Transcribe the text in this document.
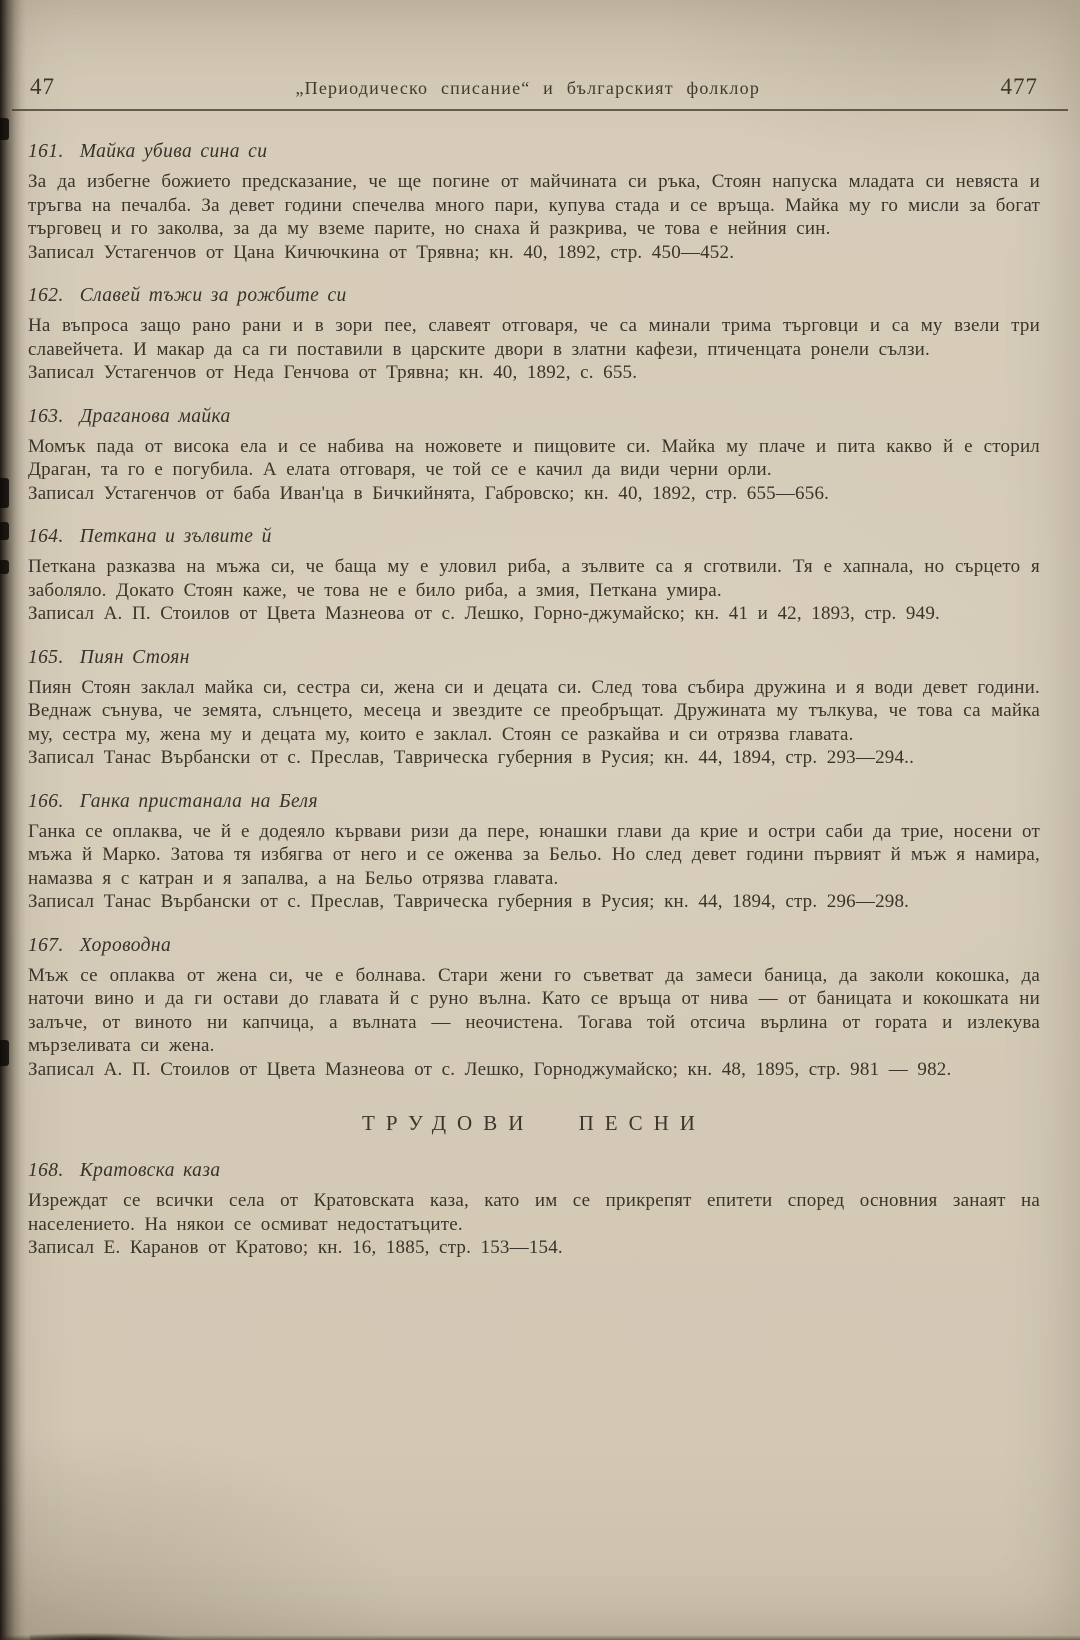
47	„Периодическо списание“ и българският фолклор	477
161. Майка убива сина си

За да избегне божието предсказание, че ще погине от майчината си ръка, Стоян напуска младата си невяста и тръгва на печалба. За девет години спечелва много пари, купува стада и се връща. Майка му го мисли за богат търговец и го заколва, за да му вземе парите, но снаха й разкрива, че това е нейния син.

Записал Устагенчов от Цана Кичючкина от Трявна; кн. 40, 1892, стр. 450—452.

162. Славей тъжи за рожбите си

На въпроса защо рано рани и в зори пее, славеят отговаря, че са минали трима търговци и са му взели три славейчета. И макар да са ги поставили в царските двори в златни кафези, птиченцата ронели сълзи.

Записал Устагенчов от Неда Генчова от Трявна; кн. 40, 1892, с. 655.

163. Драганова майка

Момък пада от висока ела и се набива на ножовете и пищовите си. Майка му плаче и пита какво й е сторил Драган, та го е погубила. А елата отговаря, че той се е качил да види черни орли.

Записал Устагенчов от баба Иван'ца в Бичкийнята, Габровско; кн. 40, 1892, стр. 655—656.

164. Петкана и зълвите й

Петкана разказва на мъжа си, че баща му е уловил риба, а зълвите са я сготвили. Тя е хапнала, но сърцето я заболяло. Докато Стоян каже, че това не е било риба, а змия, Петкана умира.

Записал А. П. Стоилов от Цвета Мазнеова от с. Лешко, Горно-джумайско; кн. 41 и 42, 1893, стр. 949.

165. Пиян Стоян

Пиян Стоян заклал майка си, сестра си, жена си и децата си. След това събира дружина и я води девет години. Веднаж сънува, че земята, слънцето, месеца и звездите се преобръщат. Дружината му тълкува, че това са майка му, сестра му, жена му и децата му, които е заклал. Стоян се разкайва и си отрязва главата.

Записал Танас Върбански от с. Преслав, Таврическа губерния в Русия; кн. 44, 1894, стр. 293—294..

166. Ганка пристанала на Беля

Ганка се оплаква, че й е додеяло кървави ризи да пере, юнашки глави да крие и остри саби да трие, носени от мъжа й Марко. Затова тя избягва от него и се оженва за Бельо. Но след девет години първият й мъж я намира, намазва я с катран и я запалва, а на Бельо отрязва главата.

Записал Танас Върбански от с. Преслав, Таврическа губерния в Русия; кн. 44, 1894, стр. 296—298.

167. Хороводна

Мъж се оплаква от жена си, че е болнава. Стари жени го съветват да замеси баница, да заколи кокошка, да наточи вино и да ги остави до главата й с руно вълна. Като се връща от нива — от баницата и кокошката ни залъче, от виното ни капчица, а вълната — неочистена. Тогава той отсича върлина от гората и излекува мързеливата си жена.

Записал А. П. Стоилов от Цвета Мазнеова от с. Лешко, Горноджумайско; кн. 48, 1895, стр. 981 — 982.

ТРУДОВИ ПЕСНИ
168. Кратовска каза

Изреждат се всички села от Кратовската каза, като им се прикрепят епитети според основния занаят на населението. На някои се осмиват недостатъците.

Записал Е. Каранов от Кратово; кн. 16, 1885, стр. 153—154.
